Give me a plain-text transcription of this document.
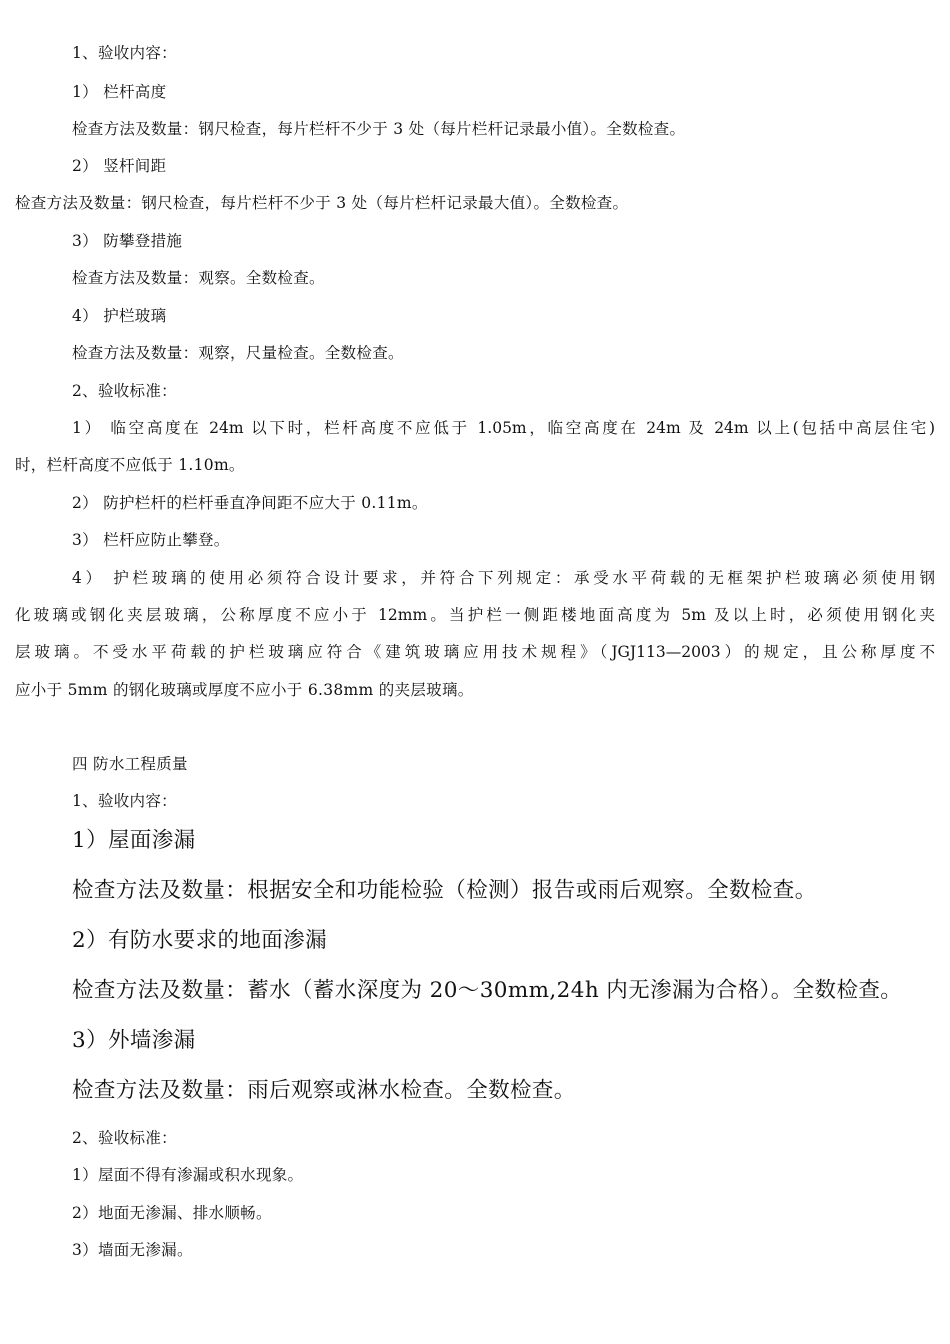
1、验收内容：
1） 栏杆高度
检查方法及数量：钢尺检查，每片栏杆不少于 3 处（每片栏杆记录最小值）。全数检查。
2） 竖杆间距
检查方法及数量：钢尺检查，每片栏杆不少于 3 处（每片栏杆记录最大值）。全数检查。
3） 防攀登措施
检查方法及数量：观察。全数检查。
4） 护栏玻璃
检查方法及数量：观察，尺量检查。全数检查。
2、验收标准：
1） 临空高度在 24m 以下时，栏杆高度不应低于 1.05m，临空高度在 24m 及 24m 以上(包括中高层住宅)
时，栏杆高度不应低于 1.10m。
2） 防护栏杆的栏杆垂直净间距不应大于 0.11m。
3） 栏杆应防止攀登。
4） 护栏玻璃的使用必须符合设计要求，并符合下列规定：承受水平荷载的无框架护栏玻璃必须使用钢
化玻璃或钢化夹层玻璃，公称厚度不应小于 12mm。当护栏一侧距楼地面高度为 5m 及以上时，必须使用钢化夹
层玻璃。不受水平荷载的护栏玻璃应符合《建筑玻璃应用技术规程》（JGJ113—2003）的规定，且公称厚度不
应小于 5mm 的钢化玻璃或厚度不应小于 6.38mm 的夹层玻璃。
四 防水工程质量
1、验收内容：
1）屋面渗漏
检查方法及数量：根据安全和功能检验（检测）报告或雨后观察。全数检查。
2）有防水要求的地面渗漏
检查方法及数量：蓄水（蓄水深度为 20～30mm,24h 内无渗漏为合格）。全数检查。
3）外墙渗漏
检查方法及数量：雨后观察或淋水检查。全数检查。
2、验收标准：
1）屋面不得有渗漏或积水现象。
2）地面无渗漏、排水顺畅。
3）墙面无渗漏。
